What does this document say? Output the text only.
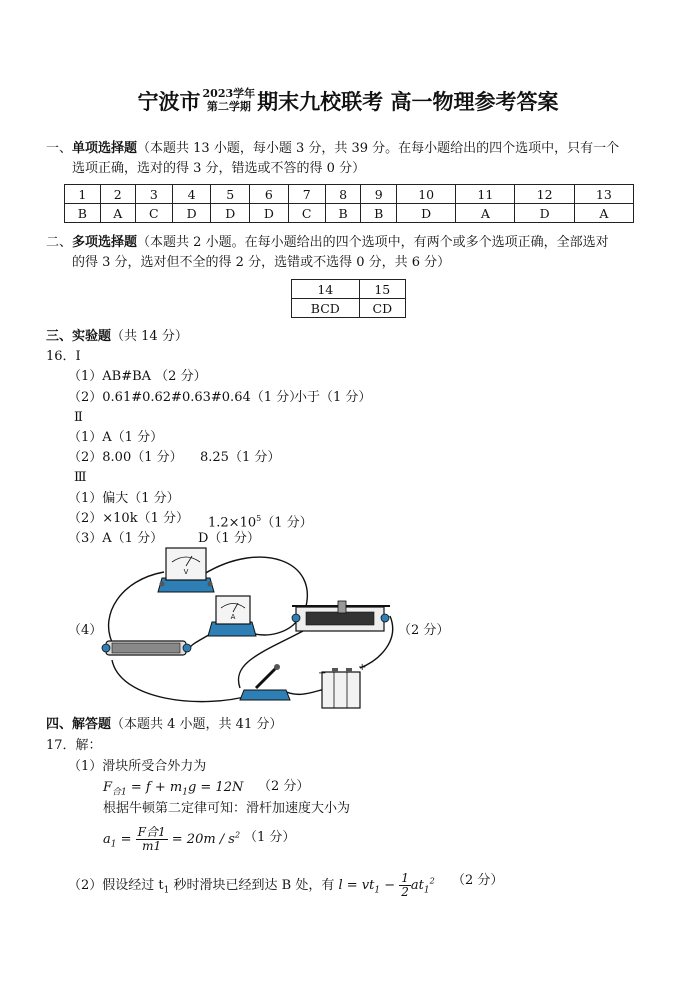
宁波市 2023学年
第二学期 期末九校联考 高一物理参考答案
一、单项选择题（本题共 13 小题，每小题 3 分，共 39 分。在每小题给出的四个选项中，只有一个
选项正确，选对的得 3 分，错选或不答的得 0 分）
1	2	3	4	5	6	7	8	9	10	11	12	13
B	A	C	D	D	D	C	B	B	D	A	D	A
二、多项选择题（本题共 2 小题。在每小题给出的四个选项中，有两个或多个选项正确，全部选对
的得 3 分，选对但不全的得 2 分，选错或不选得 0 分，共 6 分）
14	15
BCD	CD
三、实验题（共 14 分）
16．Ⅰ
（1）AB#BA （2 分）
（2）0.61#0.62#0.63#0.64（1 分）
小于（1 分）
Ⅱ
（1）A（1 分）
（2）8.00（1 分） 8.25（1 分）
Ⅲ
（1）偏大（1 分）
（2）×10k（1 分） $1.2\times 10^5(1$ 分）
（3）A（1 分）	D（1 分）
（4）	（2 分）
V
A
−
+
四、解答题（本题共 4 小题，共 41 分）
17．解：
（1）滑块所受合外力为
$F_{合1} = f + m_1g = 12N$ （2 分）
根据牛顿第二定律可知：滑杆加速度大小为
$a_1 = \frac{\text{F合1}}{m1} = 20m / s^2$ （1 分）
（2）假设经过 $t_1$ 秒时滑块已经到达 B 处，有 $l = vt_1 - \frac{1}{2} at_1^2$ （2 分）
